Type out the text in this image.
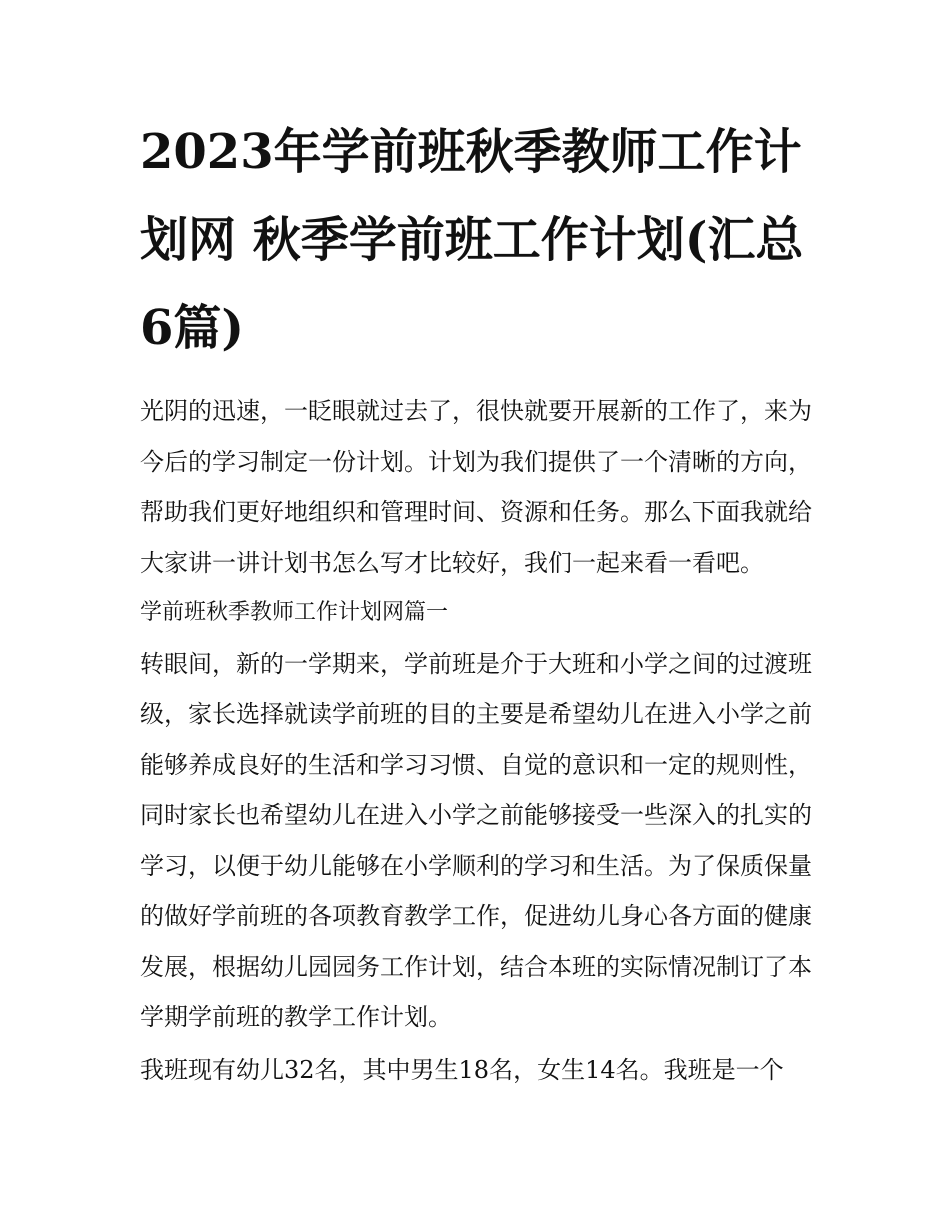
2023年学前班秋季教师工作计划网 秋季学前班工作计划(汇总6篇)

光阴的迅速，一眨眼就过去了，很快就要开展新的工作了，来为今后的学习制定一份计划。计划为我们提供了一个清晰的方向，帮助我们更好地组织和管理时间、资源和任务。那么下面我就给大家讲一讲计划书怎么写才比较好，我们一起来看一看吧。

学前班秋季教师工作计划网篇一

转眼间，新的一学期来，学前班是介于大班和小学之间的过渡班级，家长选择就读学前班的目的主要是希望幼儿在进入小学之前能够养成良好的生活和学习习惯、自觉的意识和一定的规则性，同时家长也希望幼儿在进入小学之前能够接受一些深入的扎实的学习，以便于幼儿能够在小学顺利的学习和生活。为了保质保量的做好学前班的各项教育教学工作，促进幼儿身心各方面的健康发展，根据幼儿园园务工作计划，结合本班的实际情况制订了本学期学前班的教学工作计划。

我班现有幼儿32名，其中男生18名，女生14名。我班是一个
